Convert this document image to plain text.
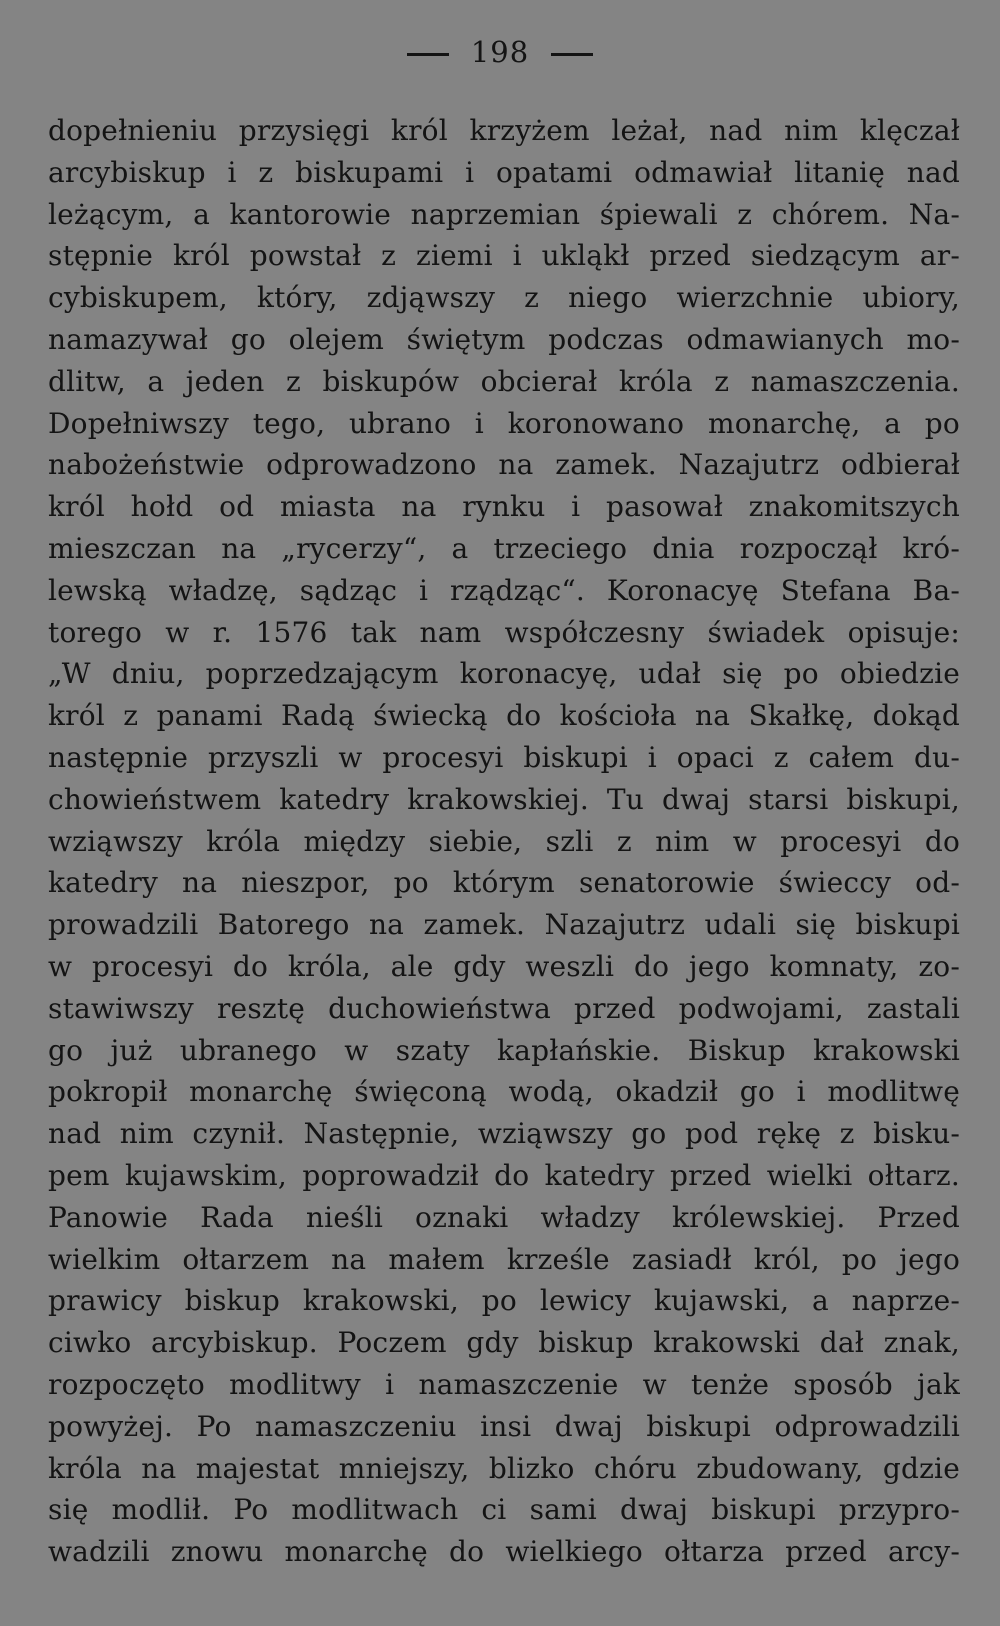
198
dopełnieniu przysięgi król krzyżem leżał, nad nim klęczał
arcybiskup i z biskupami i opatami odmawiał litanię nad
leżącym, a kantorowie naprzemian śpiewali z chórem. Na-
stępnie król powstał z ziemi i ukląkł przed siedzącym ar-
cybiskupem, który, zdjąwszy z niego wierzchnie ubiory,
namazywał go olejem świętym podczas odmawianych mo-
dlitw, a jeden z biskupów obcierał króla z namaszczenia.
Dopełniwszy tego, ubrano i koronowano monarchę, a po
nabożeństwie odprowadzono na zamek. Nazajutrz odbierał
król hołd od miasta na rynku i pasował znakomitszych
mieszczan na „rycerzy“, a trzeciego dnia rozpoczął kró-
lewską władzę, sądząc i rządząc“. Koronacyę Stefana Ba-
torego w r. 1576 tak nam współczesny świadek opisuje:
„W dniu, poprzedzającym koronacyę, udał się po obiedzie
król z panami Radą świecką do kościoła na Skałkę, dokąd
następnie przyszli w procesyi biskupi i opaci z całem du-
chowieństwem katedry krakowskiej. Tu dwaj starsi biskupi,
wziąwszy króla między siebie, szli z nim w procesyi do
katedry na nieszpor, po którym senatorowie świeccy od-
prowadzili Batorego na zamek. Nazajutrz udali się biskupi
w procesyi do króla, ale gdy weszli do jego komnaty, zo-
stawiwszy resztę duchowieństwa przed podwojami, zastali
go już ubranego w szaty kapłańskie. Biskup krakowski
pokropił monarchę święconą wodą, okadził go i modlitwę
nad nim czynił. Następnie, wziąwszy go pod rękę z bisku-
pem kujawskim, poprowadził do katedry przed wielki ołtarz.
Panowie Rada nieśli oznaki władzy królewskiej. Przed
wielkim ołtarzem na małem krześle zasiadł król, po jego
prawicy biskup krakowski, po lewicy kujawski, a naprze-
ciwko arcybiskup. Poczem gdy biskup krakowski dał znak,
rozpoczęto modlitwy i namaszczenie w tenże sposób jak
powyżej. Po namaszczeniu insi dwaj biskupi odprowadzili
króla na majestat mniejszy, blizko chóru zbudowany, gdzie
się modlił. Po modlitwach ci sami dwaj biskupi przypro-
wadzili znowu monarchę do wielkiego ołtarza przed arcy-
